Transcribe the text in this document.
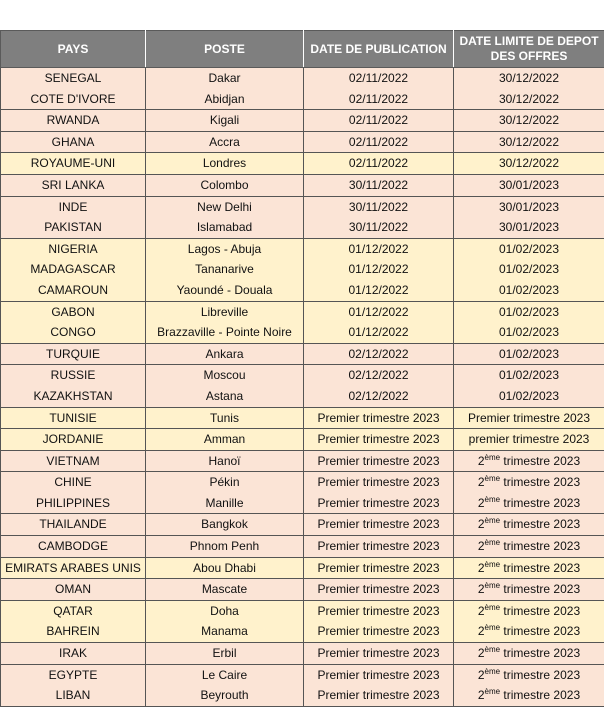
PAYS	POSTE	DATE DE PUBLICATION	DATE LIMITE DE DEPOT DES OFFRES
SENEGAL	Dakar	02/11/2022	30/12/2022
COTE D'IVORE	Abidjan	02/11/2022	30/12/2022
RWANDA	Kigali	02/11/2022	30/12/2022
GHANA	Accra	02/11/2022	30/12/2022
ROYAUME-UNI	Londres	02/11/2022	30/12/2022
SRI LANKA	Colombo	30/11/2022	30/01/2023
INDE	New Delhi	30/11/2022	30/01/2023
PAKISTAN	Islamabad	30/11/2022	30/01/2023
NIGERIA	Lagos - Abuja	01/12/2022	01/02/2023
MADAGASCAR	Tananarive	01/12/2022	01/02/2023
CAMAROUN	Yaoundé - Douala	01/12/2022	01/02/2023
GABON	Libreville	01/12/2022	01/02/2023
CONGO	Brazzaville - Pointe Noire	01/12/2022	01/02/2023
TURQUIE	Ankara	02/12/2022	01/02/2023
RUSSIE	Moscou	02/12/2022	01/02/2023
KAZAKHSTAN	Astana	02/12/2022	01/02/2023
TUNISIE	Tunis	Premier trimestre 2023	Premier trimestre 2023
JORDANIE	Amman	Premier trimestre 2023	premier trimestre 2023
VIETNAM	Hanoï	Premier trimestre 2023	2ème trimestre 2023
CHINE	Pékin	Premier trimestre 2023	2ème trimestre 2023
PHILIPPINES	Manille	Premier trimestre 2023	2ème trimestre 2023
THAILANDE	Bangkok	Premier trimestre 2023	2ème trimestre 2023
CAMBODGE	Phnom Penh	Premier trimestre 2023	2ème trimestre 2023
EMIRATS ARABES UNIS	Abou Dhabi	Premier trimestre 2023	2ème trimestre 2023
OMAN	Mascate	Premier trimestre 2023	2ème trimestre 2023
QATAR	Doha	Premier trimestre 2023	2ème trimestre 2023
BAHREIN	Manama	Premier trimestre 2023	2ème trimestre 2023
IRAK	Erbil	Premier trimestre 2023	2ème trimestre 2023
EGYPTE	Le Caire	Premier trimestre 2023	2ème trimestre 2023
LIBAN	Beyrouth	Premier trimestre 2023	2ème trimestre 2023
